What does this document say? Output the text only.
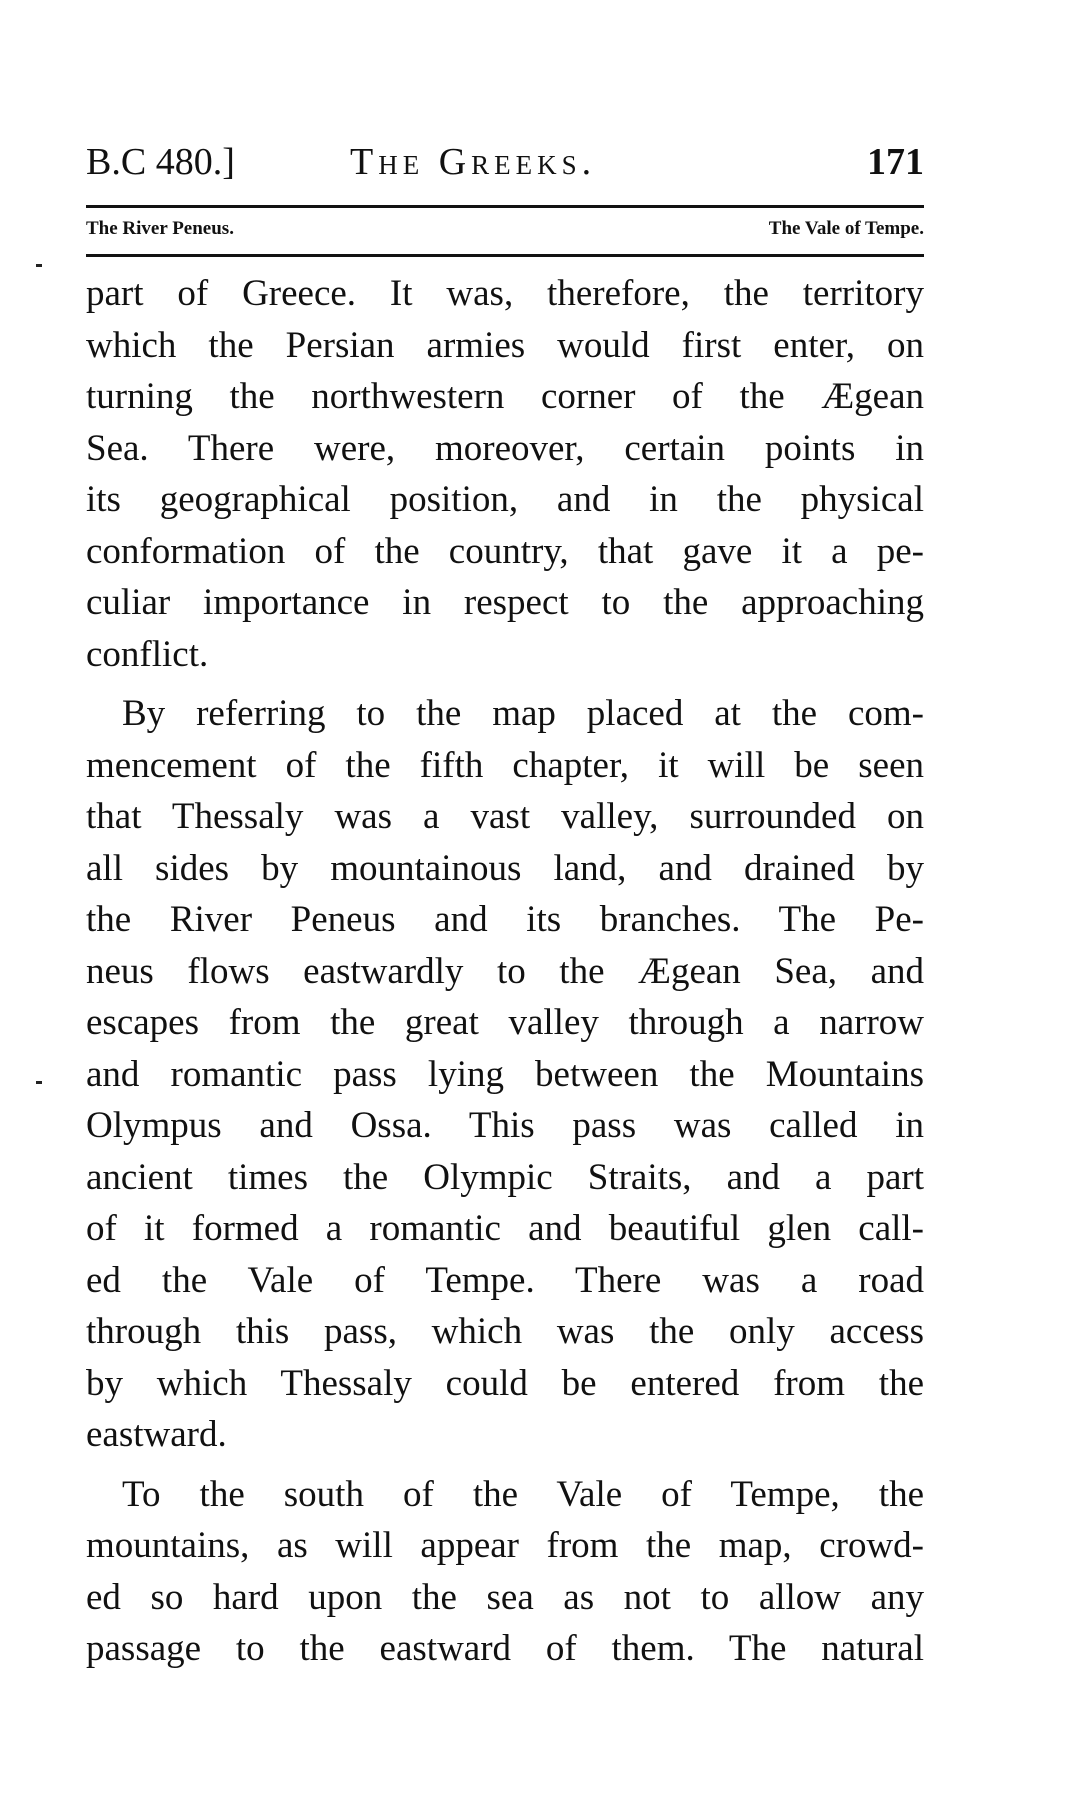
B.C 480.]	The Greeks.	171
The River Peneus.	The Vale of Tempe.
part of Greece. It was, therefore, the territory
which the Persian armies would first enter, on
turning the northwestern corner of the Ægean
Sea. There were, moreover, certain points in
its geographical position, and in the physical
conformation of the country, that gave it a pe-
culiar importance in respect to the approaching
conflict.
By referring to the map placed at the com-
mencement of the fifth chapter, it will be seen
that Thessaly was a vast valley, surrounded on
all sides by mountainous land, and drained by
the River Peneus and its branches. The Pe-
neus flows eastwardly to the Ægean Sea, and
escapes from the great valley through a narrow
and romantic pass lying between the Mountains
Olympus and Ossa. This pass was called in
ancient times the Olympic Straits, and a part
of it formed a romantic and beautiful glen call-
ed the Vale of Tempe. There was a road
through this pass, which was the only access
by which Thessaly could be entered from the
eastward.
To the south of the Vale of Tempe, the
mountains, as will appear from the map, crowd-
ed so hard upon the sea as not to allow any
passage to the eastward of them. The natural
